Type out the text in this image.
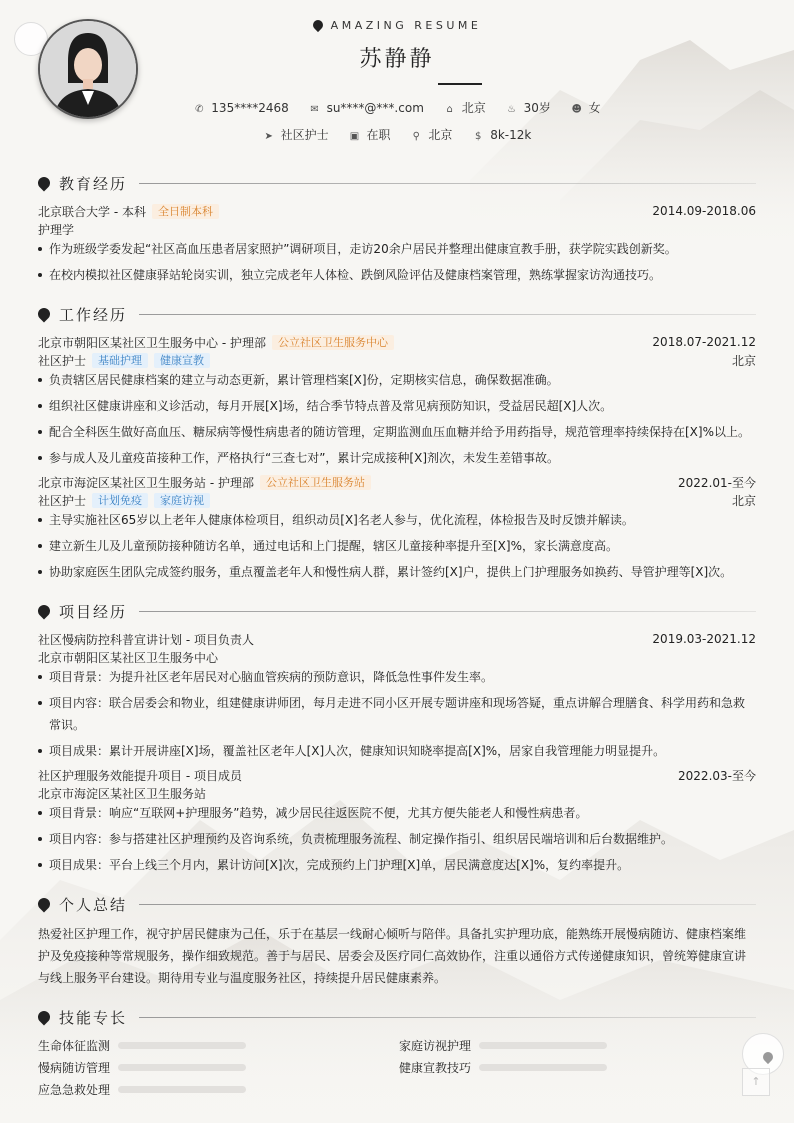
AMAZING RESUME
苏静静
✆ 135****2468 ✉ su****@***.com ⌂ 北京 ♨ 30岁 ☻ 女
➤ 社区护士 ▣ 在职 ⚲ 北京 $ 8k-12k
教育经历
北京联合大学 - 本科	全日制本科	2014.09-2018.06
护理学
作为班级学委发起“社区高血压患者居家照护”调研项目，走访20余户居民并整理出健康宣教手册，获学院实践创新奖。
在校内模拟社区健康驿站轮岗实训，独立完成老年人体检、跌倒风险评估及健康档案管理，熟练掌握家访沟通技巧。
工作经历
北京市朝阳区某社区卫生服务中心 - 护理部	公立社区卫生服务中心	2018.07-2021.12
社区护士	基础护理	健康宣教	北京
负责辖区居民健康档案的建立与动态更新，累计管理档案[X]份，定期核实信息，确保数据准确。
组织社区健康讲座和义诊活动，每月开展[X]场，结合季节特点普及常见病预防知识，受益居民超[X]人次。
配合全科医生做好高血压、糖尿病等慢性病患者的随访管理，定期监测血压血糖并给予用药指导，规范管理率持续保持在[X]%以上。
参与成人及儿童疫苗接种工作，严格执行“三查七对”，累计完成接种[X]剂次，未发生差错事故。
北京市海淀区某社区卫生服务站 - 护理部	公立社区卫生服务站	2022.01-至今
社区护士	计划免疫	家庭访视	北京
主导实施社区65岁以上老年人健康体检项目，组织动员[X]名老人参与，优化流程，体检报告及时反馈并解读。
建立新生儿及儿童预防接种随访名单，通过电话和上门提醒，辖区儿童接种率提升至[X]%，家长满意度高。
协助家庭医生团队完成签约服务，重点覆盖老年人和慢性病人群，累计签约[X]户，提供上门护理服务如换药、导管护理等[X]次。
项目经历
社区慢病防控科普宣讲计划 - 项目负责人	2019.03-2021.12
北京市朝阳区某社区卫生服务中心
项目背景：为提升社区老年居民对心脑血管疾病的预防意识，降低急性事件发生率。
项目内容：联合居委会和物业，组建健康讲师团，每月走进不同小区开展专题讲座和现场答疑，重点讲解合理膳食、科学用药和急救常识。
项目成果：累计开展讲座[X]场，覆盖社区老年人[X]人次，健康知识知晓率提高[X]%，居家自我管理能力明显提升。
社区护理服务效能提升项目 - 项目成员	2022.03-至今
北京市海淀区某社区卫生服务站
项目背景：响应“互联网+护理服务”趋势，减少居民往返医院不便，尤其方便失能老人和慢性病患者。
项目内容：参与搭建社区护理预约及咨询系统，负责梳理服务流程、制定操作指引、组织居民端培训和后台数据维护。
项目成果：平台上线三个月内，累计访问[X]次，完成预约上门护理[X]单，居民满意度达[X]%，复约率提升。
个人总结
热爱社区护理工作，视守护居民健康为己任，乐于在基层一线耐心倾听与陪伴。具备扎实护理功底，能熟练开展慢病随访、健康档案维护及免疫接种等常规服务，操作细致规范。善于与居民、居委会及医疗同仁高效协作，注重以通俗方式传递健康知识，曾统筹健康宣讲与线上服务平台建设。期待用专业与温度服务社区，持续提升居民健康素养。
技能专长
生命体征监测	家庭访视护理
慢病随访管理	健康宣教技巧
应急急救处理
↑
